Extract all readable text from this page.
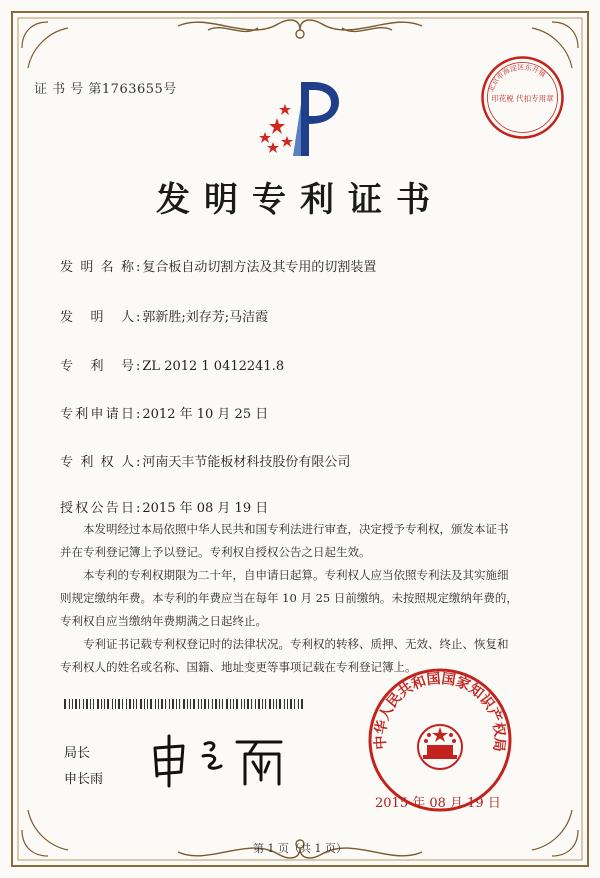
证 书 号 第1763655号	北京市海淀区东升镇
印花税 代扣专用章
发明专利证书
发 明 名 称 : 复合板自动切割方法及其专用的切割装置
发 明 人 : 郭新胜;刘存芳;马洁霞
专 利 号 : ZL 2012 1 0412241.8
专利申请日 : 2012 年 10 月 25 日
专 利 权 人 : 河南天丰节能板材科技股份有限公司
授权公告日 : 2015 年 08 月 19 日

　　本发明经过本局依照中华人民共和国专利法进行审查，决定授予专利权，颁发本证书

并在专利登记簿上予以登记。专利权自授权公告之日起生效。

　　本专利的专利权期限为二十年，自申请日起算。专利权人应当依照专利法及其实施细

则规定缴纳年费。本专利的年费应当在每年 10 月 25 日前缴纳。未按照规定缴纳年费的，

专利权自应当缴纳年费期满之日起终止。

　　专利证书记载专利权登记时的法律状况。专利权的转移、质押、无效、终止、恢复和

专利权人的姓名或名称、国籍、地址变更等事项记载在专利登记簿上。

局长
申长雨
中华人民共和国国家知识产权局
2015 年 08 月 19 日
第 1 页（共 1 页）
